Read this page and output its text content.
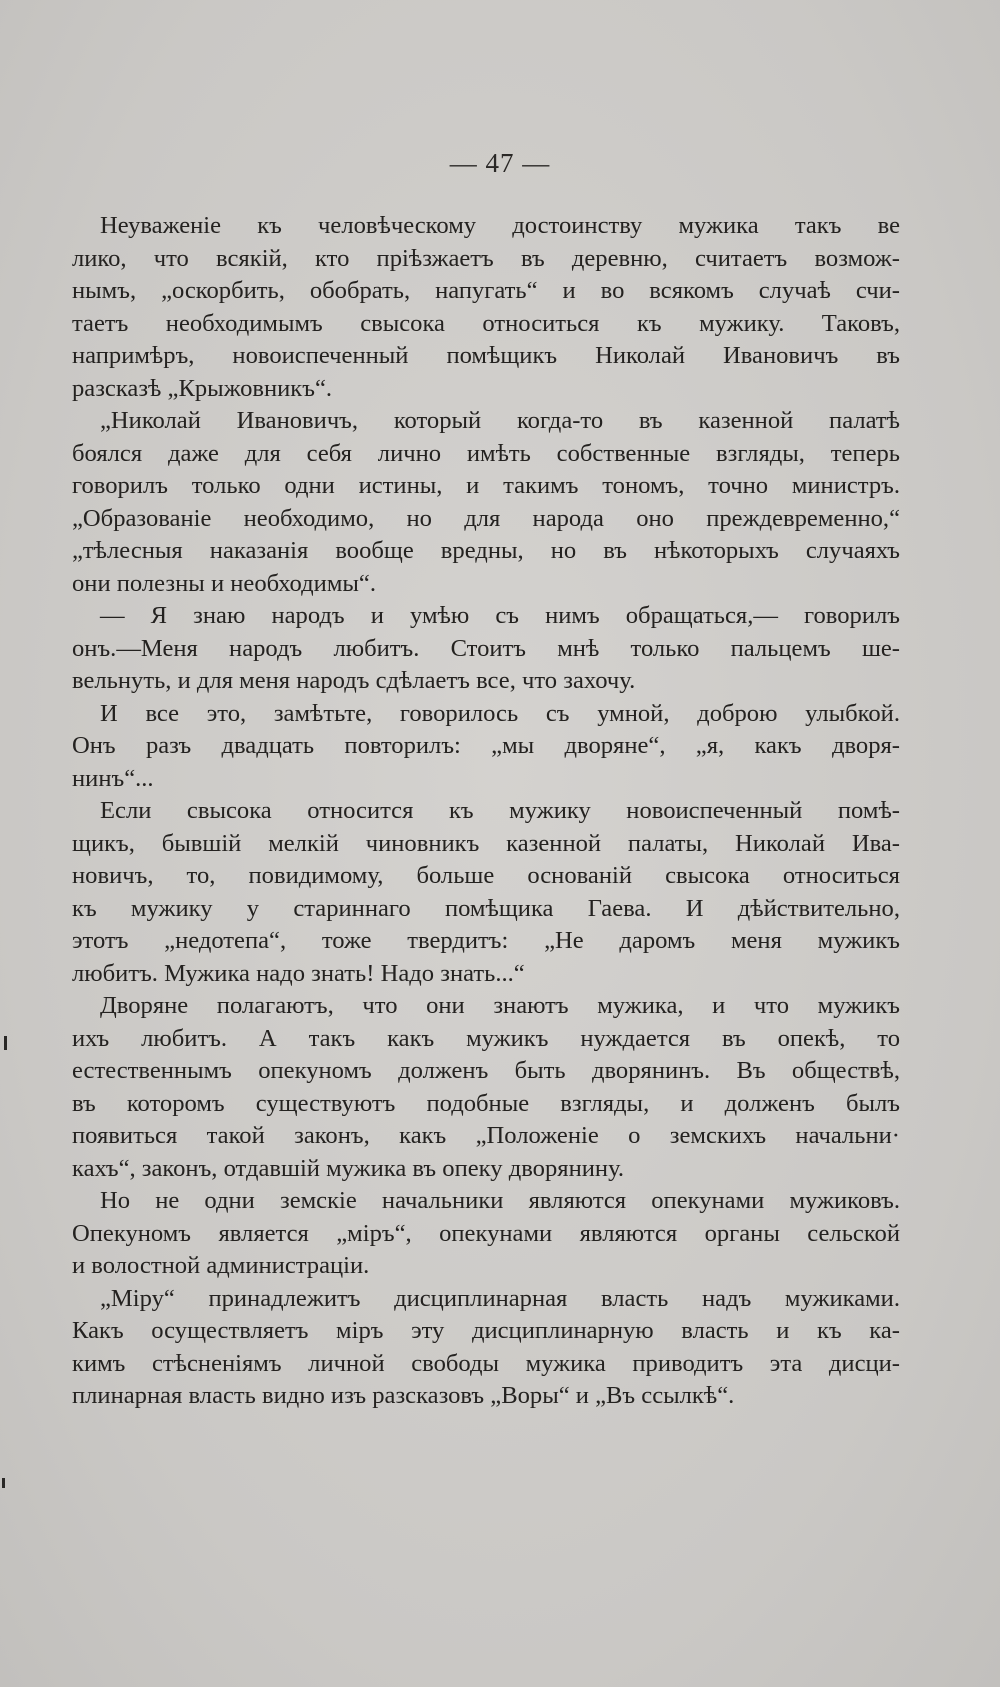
— 47 —
Неуваженіе къ человѣческому достоинству мужика такъ ве
лико, что всякій, кто пріѣзжаетъ въ деревню, считаетъ возмож-
нымъ, „оскорбить, обобрать, напугать“ и во всякомъ случаѣ счи-
таетъ необходимымъ свысока относиться къ мужику. Таковъ,
напримѣръ, новоиспеченный помѣщикъ Николай Ивановичъ въ
разсказѣ „Крыжовникъ“.
„Николай Ивановичъ, который когда-то въ казенной палатѣ
боялся даже для себя лично имѣть собственные взгляды, теперь
говорилъ только одни истины, и такимъ тономъ, точно министръ.
„Образованіе необходимо, но для народа оно преждевременно,“
„тѣлесныя наказанія вообще вредны, но въ нѣкоторыхъ случаяхъ
они полезны и необходимы“.
— Я знаю народъ и умѣю съ нимъ обращаться,— говорилъ
онъ.—Меня народъ любитъ. Стоитъ мнѣ только пальцемъ ше-
вельнуть, и для меня народъ сдѣлаетъ все, что захочу.
И все это, замѣтьте, говорилось съ умной, доброю улыбкой.
Онъ разъ двадцать повторилъ: „мы дворяне“, „я, какъ дворя-
нинъ“...
Если свысока относится къ мужику новоиспеченный помѣ-
щикъ, бывшій мелкій чиновникъ казенной палаты, Николай Ива-
новичъ, то, повидимому, больше основаній свысока относиться
къ мужику у стариннаго помѣщика Гаева. И дѣйствительно,
этотъ „недотепа“, тоже твердитъ: „Не даромъ меня мужикъ
любитъ. Мужика надо знать! Надо знать...“
Дворяне полагаютъ, что они знаютъ мужика, и что мужикъ
ихъ любитъ. А такъ какъ мужикъ нуждается въ опекѣ, то
естественнымъ опекуномъ долженъ быть дворянинъ. Въ обществѣ,
въ которомъ существуютъ подобные взгляды, и долженъ былъ
появиться такой законъ, какъ „Положеніе о земскихъ начальни·
кахъ“, законъ, отдавшій мужика въ опеку дворянину.
Но не одни земскіе начальники являются опекунами мужиковъ.
Опекуномъ является „міръ“, опекунами являются органы сельской
и волостной администраціи.
„Міру“ принадлежитъ дисциплинарная власть надъ мужиками.
Какъ осуществляетъ міръ эту дисциплинарную власть и къ ка-
кимъ стѣсненіямъ личной свободы мужика приводитъ эта дисци-
плинарная власть видно изъ разсказовъ „Воры“ и „Въ ссылкѣ“.
